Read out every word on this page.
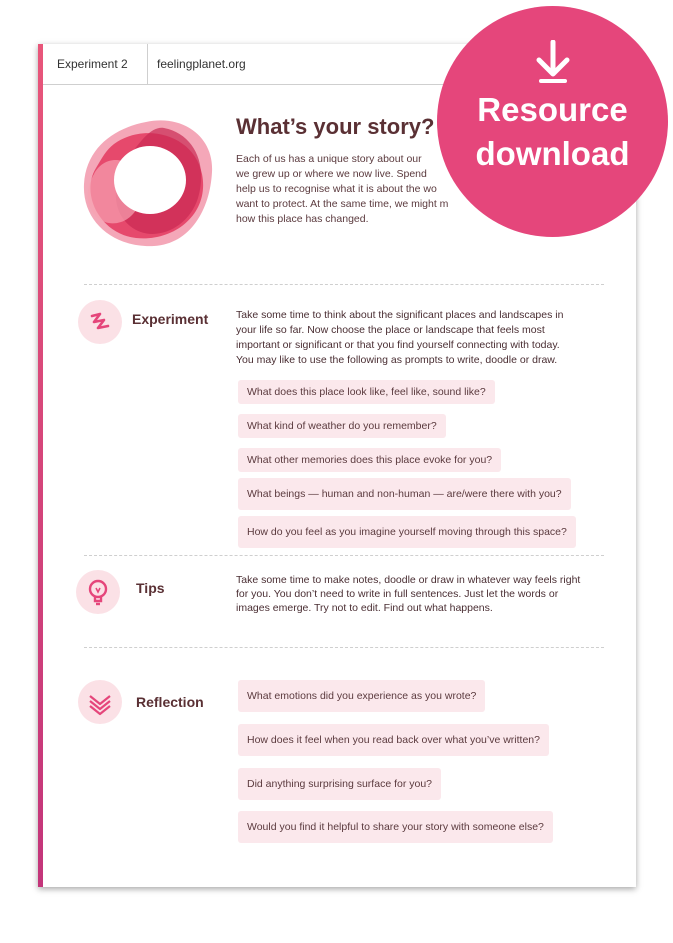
Experiment 2 feelingplanet.org
What’s your story?
Each of us has a unique story about our
we grew up or where we now live. Spend
help us to recognise what it is about the wo
want to protect. At the same time, we might m
how this place has changed.
Experiment	Take some time to think about the significant places and landscapes in
your life so far. Now choose the place or landscape that feels most
important or significant or that you find yourself connecting with today.
You may like to use the following as prompts to write, doodle or draw.
What does this place look like, feel like, sound like?
What kind of weather do you remember?
What other memories does this place evoke for you?
What beings — human and non-human — are/were there with you?
How do you feel as you imagine yourself moving through this space?
Tips	Take some time to make notes, doodle or draw in whatever way feels right
for you. You don’t need to write in full sentences. Just let the words or
images emerge. Try not to edit. Find out what happens.
Reflection	What emotions did you experience as you wrote?
How does it feel when you read back over what you’ve written?
Did anything surprising surface for you?
Would you find it helpful to share your story with someone else?
Resource
download
